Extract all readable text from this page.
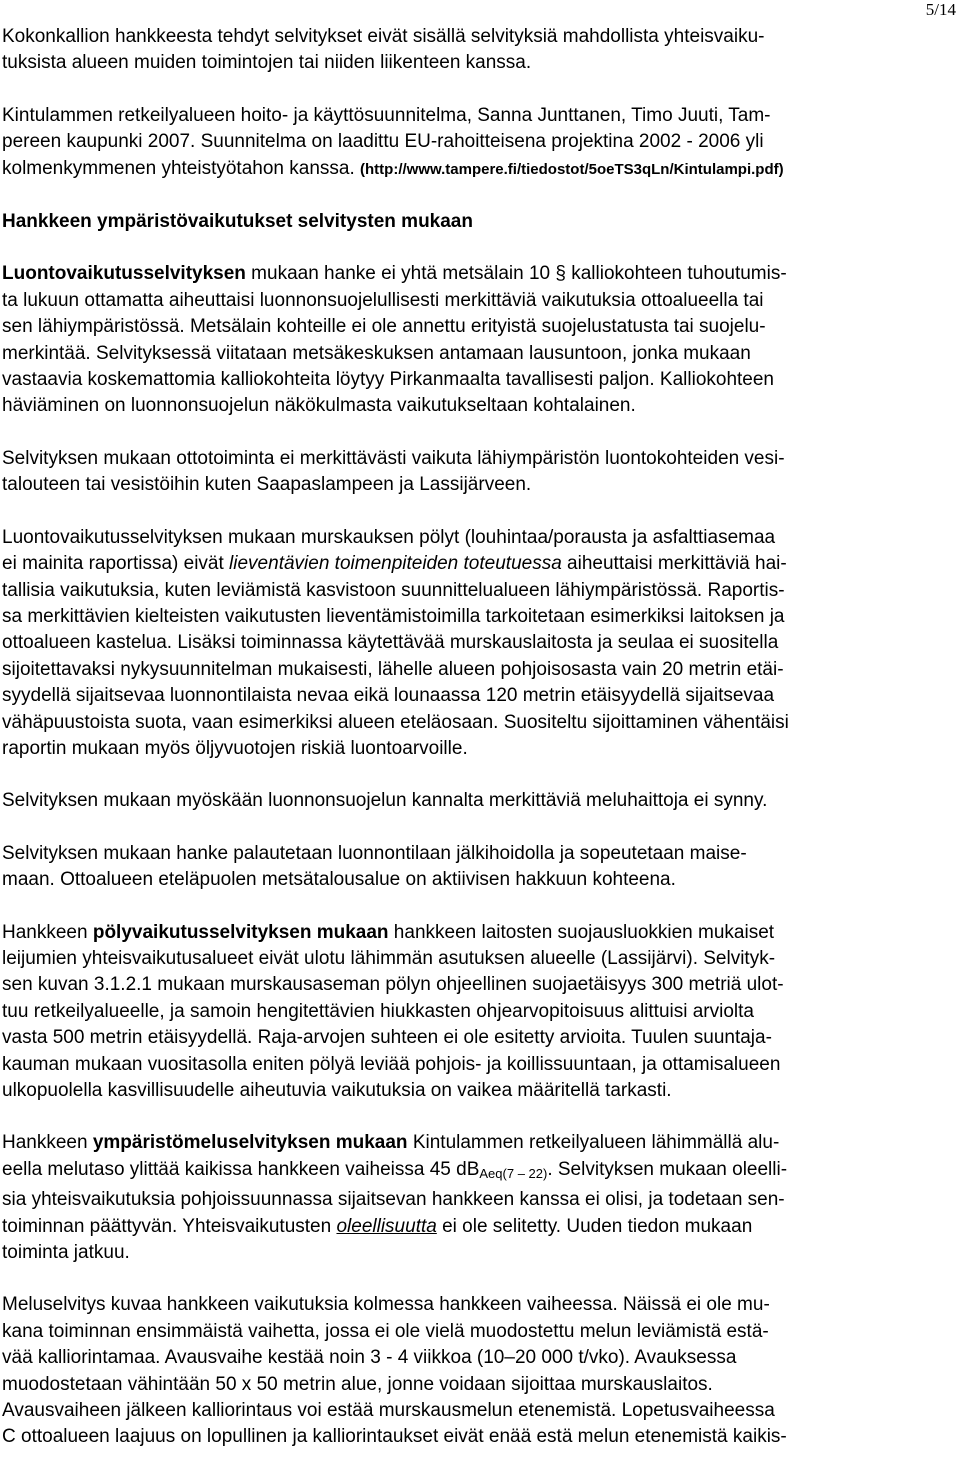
5/14

Kokonkallion hankkeesta tehdyt selvitykset eivät sisällä selvityksiä mahdollista yhteisvaiku-
tuksista alueen muiden toimintojen tai niiden liikenteen kanssa.

Kintulammen retkeilyalueen hoito- ja käyttösuunnitelma, Sanna Junttanen, Timo Juuti, Tam-
pereen kaupunki 2007. Suunnitelma on laadittu EU-rahoitteisena projektina 2002 - 2006 yli
kolmenkymmenen yhteistyötahon kanssa. (http://www.tampere.fi/tiedostot/5oeTS3qLn/Kintulampi.pdf)

Hankkeen ympäristövaikutukset selvitysten mukaan

Luontovaikutusselvityksen mukaan hanke ei yhtä metsälain 10 § kalliokohteen tuhoutumis-
ta lukuun ottamatta aiheuttaisi luonnonsuojelullisesti merkittäviä vaikutuksia ottoalueella tai
sen lähiympäristössä. Metsälain kohteille ei ole annettu erityistä suojelustatusta tai suojelu-
merkintää. Selvityksessä viitataan metsäkeskuksen antamaan lausuntoon, jonka mukaan
vastaavia koskemattomia kalliokohteita löytyy Pirkanmaalta tavallisesti paljon. Kalliokohteen
häviäminen on luonnonsuojelun näkökulmasta vaikutukseltaan kohtalainen.

Selvityksen mukaan ottotoiminta ei merkittävästi vaikuta lähiympäristön luontokohteiden vesi-
talouteen tai vesistöihin kuten Saapaslampeen ja Lassijärveen.

Luontovaikutusselvityksen mukaan murskauksen pölyt (louhintaa/porausta ja asfalttiasemaa
ei mainita raportissa) eivät lieventävien toimenpiteiden toteutuessa aiheuttaisi merkittäviä hai-
tallisia vaikutuksia, kuten leviämistä kasvistoon suunnittelualueen lähiympäristössä. Raportis-
sa merkittävien kielteisten vaikutusten lieventämistoimilla tarkoitetaan esimerkiksi laitoksen ja
ottoalueen kastelua. Lisäksi toiminnassa käytettävää murskauslaitosta ja seulaa ei suositella
sijoitettavaksi nykysuunnitelman mukaisesti, lähelle alueen pohjoisosasta vain 20 metrin etäi-
syydellä sijaitsevaa luonnontilaista nevaa eikä lounaassa 120 metrin etäisyydellä sijaitsevaa
vähäpuustoista suota, vaan esimerkiksi alueen eteläosaan. Suositeltu sijoittaminen vähentäisi
raportin mukaan myös öljyvuotojen riskiä luontoarvoille.

Selvityksen mukaan myöskään luonnonsuojelun kannalta merkittäviä meluhaittoja ei synny.

Selvityksen mukaan hanke palautetaan luonnontilaan jälkihoidolla ja sopeutetaan maise-
maan. Ottoalueen eteläpuolen metsätalousalue on aktiivisen hakkuun kohteena.

Hankkeen pölyvaikutusselvityksen mukaan hankkeen laitosten suojausluokkien mukaiset
leijumien yhteisvaikutusalueet eivät ulotu lähimmän asutuksen alueelle (Lassijärvi). Selvityk-
sen kuvan 3.1.2.1 mukaan murskausaseman pölyn ohjeellinen suojaetäisyys 300 metriä ulot-
tuu retkeilyalueelle, ja samoin hengitettävien hiukkasten ohjearvopitoisuus alittuisi arviolta
vasta 500 metrin etäisyydellä. Raja-arvojen suhteen ei ole esitetty arvioita. Tuulen suuntaja-
kauman mukaan vuositasolla eniten pölyä leviää pohjois- ja koillissuuntaan, ja ottamisalueen
ulkopuolella kasvillisuudelle aiheutuvia vaikutuksia on vaikea määritellä tarkasti.

Hankkeen ympäristömeluselvityksen mukaan Kintulammen retkeilyalueen lähimmällä alu-
eella melutaso ylittää kaikissa hankkeen vaiheissa 45 $dB_{Aeq(7 - 22)}$. Selvityksen mukaan oleelli-
sia yhteisvaikutuksia pohjoissuunnassa sijaitsevan hankkeen kanssa ei olisi, ja todetaan sen-
toiminnan päättyvän. Yhteisvaikutusten oleellisuutta ei ole selitetty. Uuden tiedon mukaan
toiminta jatkuu.

Meluselvitys kuvaa hankkeen vaikutuksia kolmessa hankkeen vaiheessa. Näissä ei ole mu-
kana toiminnan ensimmäistä vaihetta, jossa ei ole vielä muodostettu melun leviämistä estä-
vää kalliorintamaa. Avausvaihe kestää noin 3 - 4 viikkoa (10–20 000 t/vko). Avauksessa
muodostetaan vähintään 50 x 50 metrin alue, jonne voidaan sijoittaa murskauslaitos.
Avausvaiheen jälkeen kalliorintaus voi estää murskausmelun etenemistä. Lopetusvaiheessa
C ottoalueen laajuus on lopullinen ja kalliorintaukset eivät enää estä melun etenemistä kaikis-
